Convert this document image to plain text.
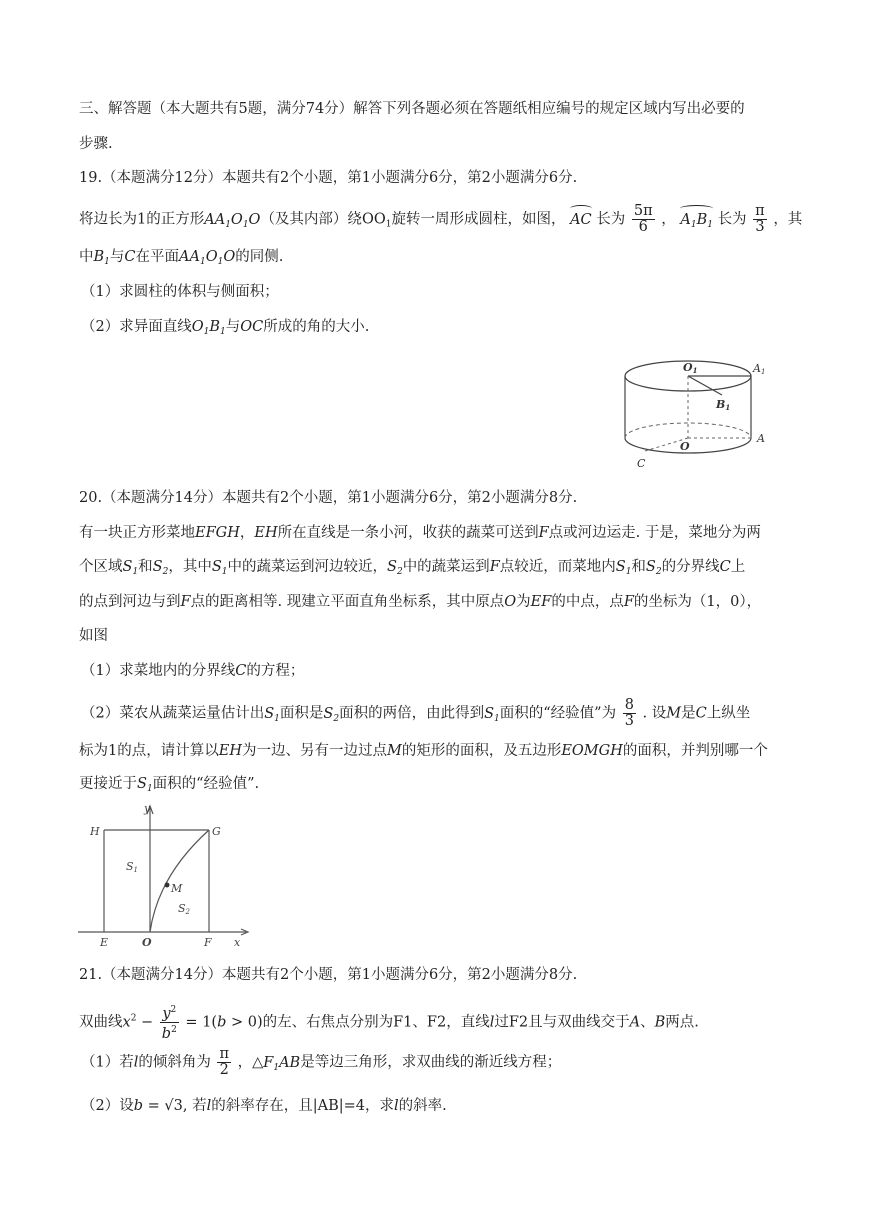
三、解答题（本大题共有5题，满分74分）解答下列各题必须在答题纸相应编号的规定区域内写出必要的
步骤.
19.（本题满分12分）本题共有2个小题，第1小题满分6分，第2小题满分6分.
将边长为1的正方形$AA_1O_1O$（及其内部）绕$OO_1$旋转一周形成圆柱，如图， AC 长为 $\frac{5\pi}{6}$ ， $A_1B_1$ 长为 $\frac{\pi}{3}$ ，其
中$B_1$与C在平面$AA_1O_1O$的同侧.
（1）求圆柱的体积与侧面积；
（2）求异面直线$O_1B_1$与OC所成的角的大小.
O1	A1
B1
O
A
C
20.（本题满分14分）本题共有2个小题，第1小题满分6分，第2小题满分8分.
有一块正方形菜地EFGH，EH所在直线是一条小河，收获的蔬菜可送到F点或河边运走. 于是，菜地分为两
个区域$S_1$和$S_2$，其中$S_1$中的蔬菜运到河边较近，$S_2$中的蔬菜运到F点较近，而菜地内$S_1$和$S_2$的分界线C上
的点到河边与到F点的距离相等. 现建立平面直角坐标系，其中原点O为EF的中点，点F的坐标为（1，0），
如图
（1）求菜地内的分界线C的方程；
（2）菜农从蔬菜运量估计出$S_1$面积是$S_2$面积的两倍，由此得到$S_1$面积的“经验值”为 $\frac{8}{3}$ . 设M是C上纵坐
标为1的点，请计算以EH为一边、另有一边过点M的矩形的面积，及五边形EOMGH的面积，并判别哪一个
更接近于$S_1$面积的“经验值”.
y
H	G
S1
M
S2
E	O	F x
21.（本题满分14分）本题共有2个小题，第1小题满分6分，第2小题满分8分.
双曲线$x^2 - \frac{y^2}{b^2} = 1(b > 0)$的左、右焦点分别为F1、F2，直线l过F2且与双曲线交于A、B两点.
（1）若l的倾斜角为 $\frac{\pi}{2}$ ，$\triangle F_1AB$是等边三角形，求双曲线的渐近线方程；
（2）设b = √3, 若l的斜率存在，且|AB|=4，求l的斜率.
